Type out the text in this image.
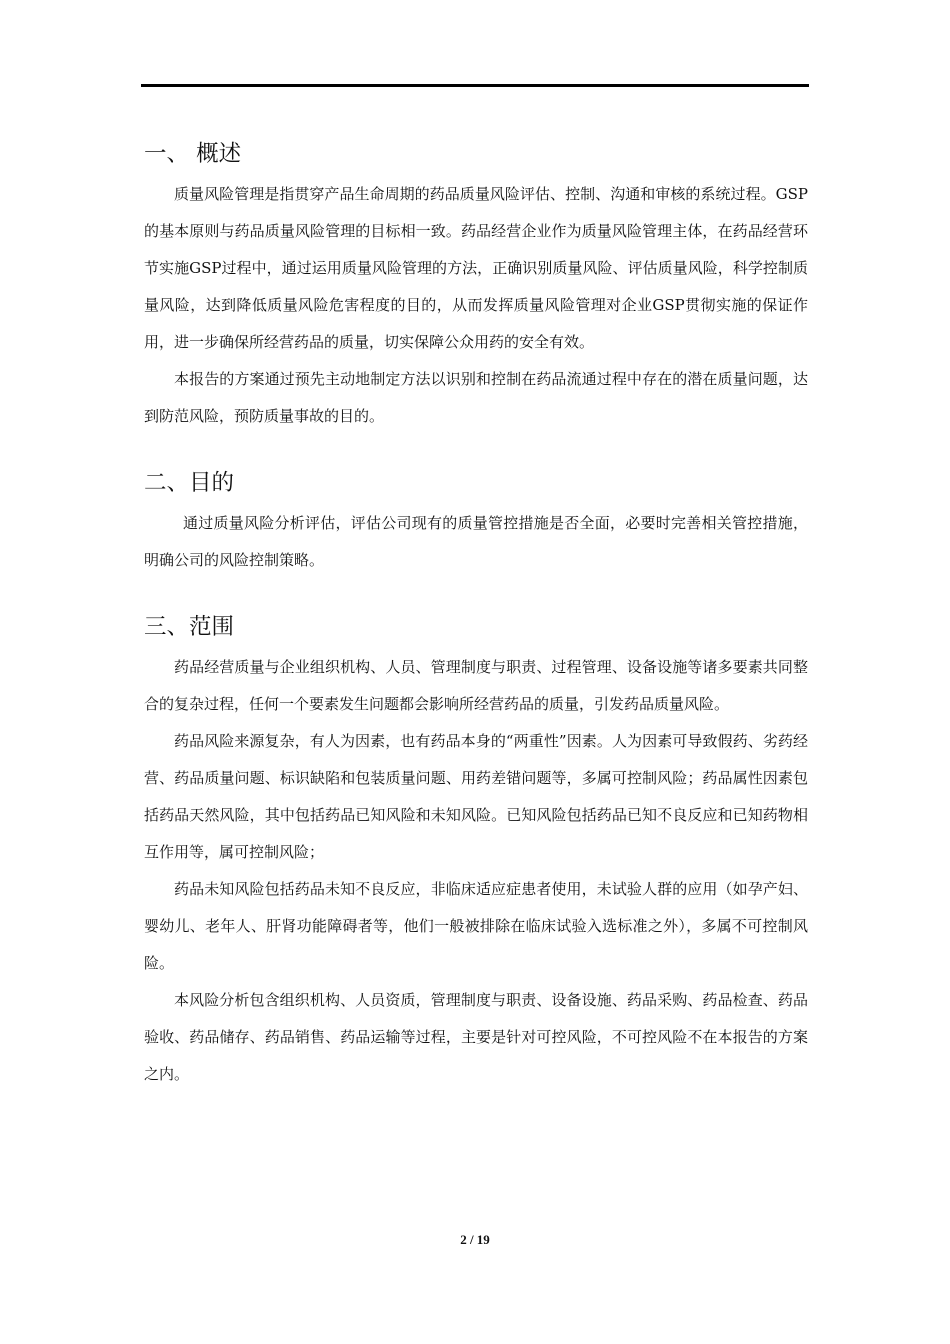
一、 概述

质量风险管理是指贯穿产品生命周期的药品质量风险评估、控制、沟通和审核的系统过程。GSP的基本原则与药品质量风险管理的目标相一致。药品经营企业作为质量风险管理主体，在药品经营环节实施GSP过程中，通过运用质量风险管理的方法，正确识别质量风险、评估质量风险，科学控制质量风险，达到降低质量风险危害程度的目的，从而发挥质量风险管理对企业GSP贯彻实施的保证作用，进一步确保所经营药品的质量，切实保障公众用药的安全有效。

本报告的方案通过预先主动地制定方法以识别和控制在药品流通过程中存在的潜在质量问题，达到防范风险，预防质量事故的目的。

二、目的

通过质量风险分析评估，评估公司现有的质量管控措施是否全面，必要时完善相关管控措施，明确公司的风险控制策略。

三、范围

药品经营质量与企业组织机构、人员、管理制度与职责、过程管理、设备设施等诸多要素共同整合的复杂过程，任何一个要素发生问题都会影响所经营药品的质量，引发药品质量风险。

药品风险来源复杂，有人为因素，也有药品本身的“两重性”因素。人为因素可导致假药、劣药经营、药品质量问题、标识缺陷和包装质量问题、用药差错问题等，多属可控制风险；药品属性因素包括药品天然风险，其中包括药品已知风险和未知风险。已知风险包括药品已知不良反应和已知药物相互作用等，属可控制风险；

药品未知风险包括药品未知不良反应，非临床适应症患者使用，未试验人群的应用（如孕产妇、婴幼儿、老年人、肝肾功能障碍者等，他们一般被排除在临床试验入选标准之外），多属不可控制风险。

本风险分析包含组织机构、人员资质，管理制度与职责、设备设施、药品采购、药品检查、药品验收、药品储存、药品销售、药品运输等过程，主要是针对可控风险，不可控风险不在本报告的方案之内。

2 / 19
